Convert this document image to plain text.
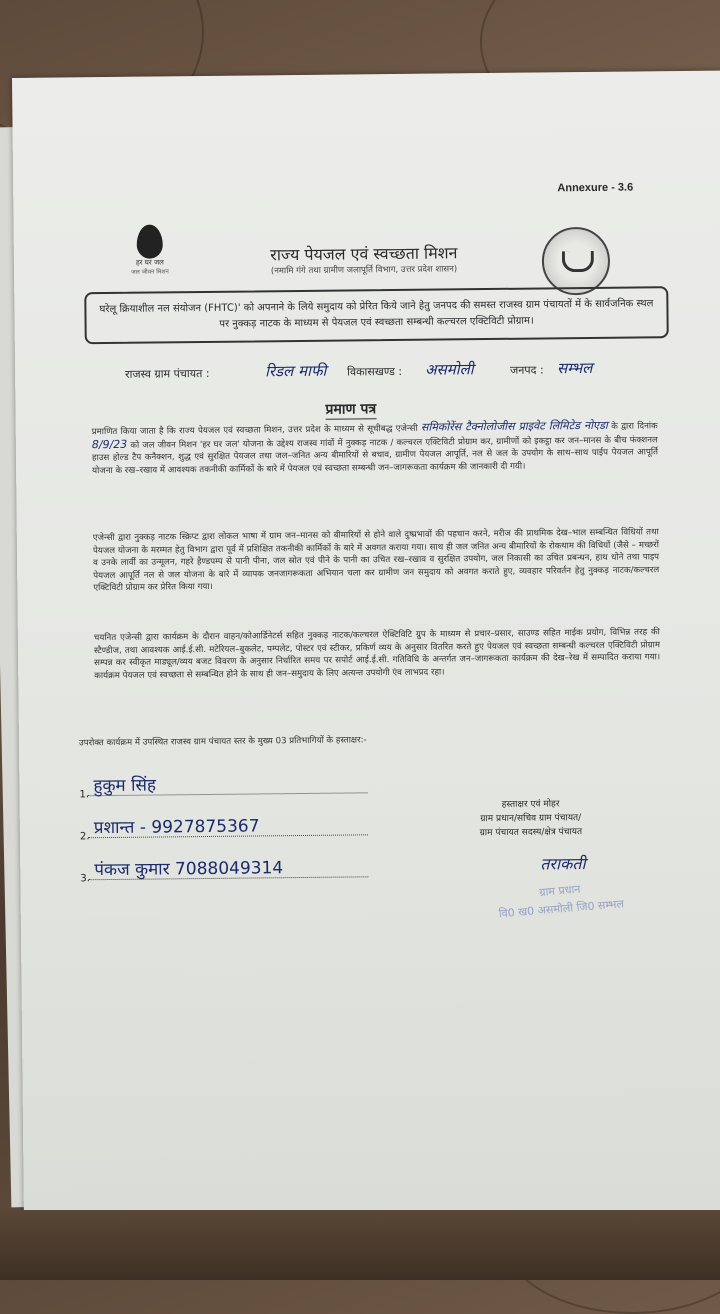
Annexure - 3.6
हर घर जल
जल जीवन मिशन
राज्य पेयजल एवं स्वच्छता मिशन
(नमामि गंगे तथा ग्रामीण जलापूर्ति विभाग, उत्तर प्रदेश शासन)
घरेलू क्रियाशील नल संयोजन (FHTC)' को अपनाने के लिये समुदाय को प्रेरित किये जाने हेतु जनपद की समस्त राजस्व ग्राम पंचायतों में के सार्वजनिक स्थल पर नुक्कड़ नाटक के माध्यम से पेयजल एवं स्वच्छता सम्बन्धी कल्चरल एक्टिविटी प्रोग्राम।
राजस्व ग्राम पंचायत :	रिडल माफी विकासखण्ड : असमोली	जनपद : सम्भल
प्रमाण पत्र
प्रमाणित किया जाता है कि राज्य पेयजल एवं स्वच्छता मिशन, उत्तर प्रदेश के माध्यम से सूचीबद्ध एजेन्सी समिकोरेंस टैक्नोलोजीस प्राइवेट लिमिटेड नोएडा के द्वारा दिनांक 8/9/23 को जल जीवन मिशन 'हर घर जल' योजना के उद्देश्य राजस्व गांवों में नुक्कड़ नाटक / कल्चरल एक्टिविटी प्रोग्राम कर, ग्रामीणों को इकट्ठा कर जन–मानस के बीच फंक्शनल हाउस होल्ड टैप कनैक्शन, शुद्ध एवं सुरक्षित पेयजल तथा जल–जनित अन्य बीमारियों से बचाव, ग्रामीण पेयजल आपूर्ति, नल से जल के उपयोग के साथ–साथ पाईप पेयजल आपूर्ति योजना के रख–रखाव में आवश्यक तकनीकी कार्मिकों के बारे में पेयजल एवं स्वच्छता सम्बन्धी जन–जागरूकता कार्यक्रम की जानकारी दी गयी।
एजेन्सी द्वारा नुक्कड़ नाटक स्क्रिप्ट द्वारा लोकल भाषा में ग्राम जन–मानस को बीमारियों से होने वाले दुष्प्रभावों की पहचान करने, मरीज की प्राथमिक देख–भाल सम्बन्धित विधियों तथा पेयजल योजना के मरम्मत हेतु विभाग द्वारा पूर्व में प्रशिक्षित तकनीकी कार्मिकों के बारे में अवगत कराया गया। साथ ही जल जनित अन्य बीमारियों के रोकथाम की विधियों (जैसे – मच्छरों व उनके लार्वी का उन्मूलन, गहरे हैण्डपम्प से पानी पीना, जल स्रोत एवं पीने के पानी का उचित रख–रखाव व सुरक्षित उपयोग, जल निकासी का उचित प्रबन्धन, हाथ धोने तथा पाइप पेयजल आपूर्ति नल से जल योजना के बारे में व्यापक जनजागरूकता अभियान चला कर ग्रामीण जन समुदाय को अवगत कराते हुए, व्यवहार परिवर्तन हेतु नुक्कड़ नाटक/कल्चरल एक्टिविटी प्रोग्राम कर प्रेरित किया गया।
चयनित एजेन्सी द्वारा कार्यक्रम के दौरान वाहन/कोआर्डिनेटर्स सहित नुक्कड़ नाटक/कल्चरल ऐक्टिविटि ग्रुप के माध्यम से प्रचार–प्रसार, साउण्ड सहित माईक प्रयोग, विभिन्न तरह की स्टैण्डीज, तथा आवश्यक आई.ई.सी. मटेरियल–बुकलेट, पम्पलेट, पोस्टर एवं स्टीकर, प्रकिर्ण व्यय के अनुसार वितरित करते हुए पेयजल एवं स्वच्छता सम्बन्धी कल्चरल एक्टिविटी प्रोग्राम सम्पन्न कर स्वीकृत माड्यूल/व्यय बजट विवरण के अनुसार निर्धारित समय पर सपोर्ट आई.ई.सी. गतिविधि के अन्तर्गत जन–जागरूकता कार्यक्रम की देख–रेख में सम्पादित कराया गया। कार्यक्रम पेयजल एवं स्वच्छता से सम्बन्धित होने के साथ ही जन–समुदाय के लिए अत्यन्त उपयोगी एंव लाभप्रद रहा।
उपरोक्त कार्यक्रम में उपस्थित राजस्व ग्राम पंचायत स्तर के मुख्य 03 प्रतिभागियों के हस्ताक्षर:-
1. हुकुम सिंह
2. प्रशान्त - 9927875367
3. पंकज कुमार 7088049314
हस्ताक्षर एवं मोहर
ग्राम प्रधान/सचिव ग्राम पंचायत/
ग्राम पंचायत सदस्य/क्षेत्र पंचायत
तराकती
ग्राम प्रधान
वि0 ख0 असमोली जि0 सम्भल
